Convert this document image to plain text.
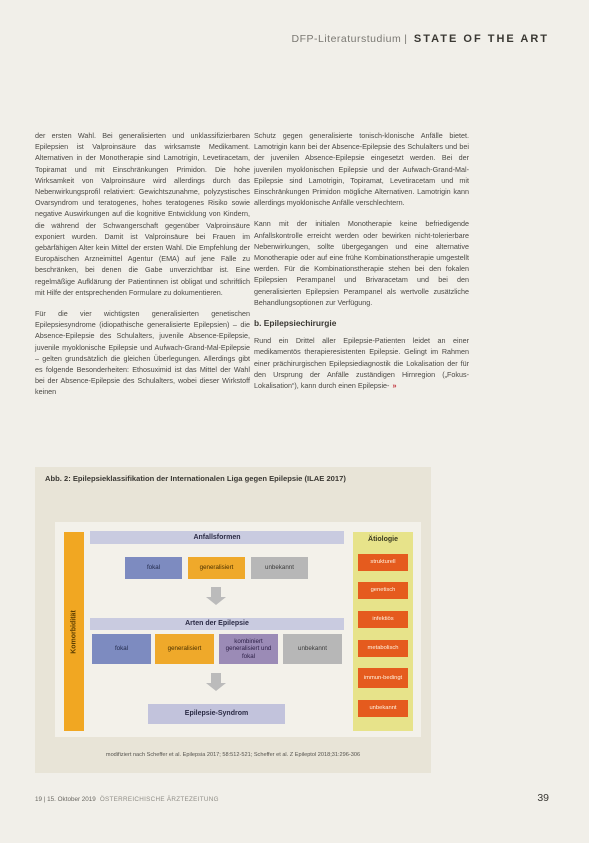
DFP-Literaturstudium | STATE OF THE ART

der ersten Wahl. Bei generalisierten und unklassifizierbaren Epilepsien ist Valproinsäure das wirksamste Medikament. Alternativen in der Monotherapie sind Lamotrigin, Levetiracetam, Topiramat und mit Einschränkungen Primidon. Die hohe Wirksamkeit von Valproinsäure wird allerdings durch das Nebenwirkungsprofil relativiert: Gewichtszunahme, polyzystisches Ovarsyndrom und teratogenes, hohes teratogenes Risiko sowie negative Auswirkungen auf die kognitive Entwicklung von Kindern, die während der Schwangerschaft gegenüber Valproinsäure exponiert wurden. Damit ist Valproinsäure bei Frauen im gebärfähigen Alter kein Mittel der ersten Wahl. Die Empfehlung der Europäischen Arzneimittel Agentur (EMA) auf jene Fälle zu beschränken, bei denen die Gabe unverzichtbar ist. Eine regelmäßige Aufklärung der Patientinnen ist obligat und schriftlich mit Hilfe der entsprechenden Formulare zu dokumentieren.

Für die vier wichtigsten generalisierten genetischen Epilepsiesyndrome (idiopathische generalisierte Epilepsien) – die Absence-Epilepsie des Schulalters, juvenile Absence-Epilepsie, juvenile myoklonische Epilepsie und Aufwach-Grand-Mal-Epilepsie – gelten grundsätzlich die gleichen Überlegungen. Allerdings gibt es folgende Besonderheiten: Ethosuximid ist das Mittel der Wahl bei der Absence-Epilepsie des Schulalters, wobei dieser Wirkstoff keinen

Schutz gegen generalisierte tonisch-klonische Anfälle bietet. Lamotrigin kann bei der Absence-Epilepsie des Schulalters und bei der juvenilen Absence-Epilepsie eingesetzt werden. Bei der juvenilen myoklonischen Epilepsie und der Aufwach-Grand-Mal-Epilepsie sind Lamotrigin, Topiramat, Levetiracetam und mit Einschränkungen Primidon mögliche Alternativen. Lamotrigin kann allerdings myoklonische Anfälle verschlechtern.

Kann mit der initialen Monotherapie keine befriedigende Anfallskontrolle erreicht werden oder bewirken nicht-tolerierbare Nebenwirkungen, sollte übergegangen und eine alternative Monotherapie oder auf eine frühe Kombinationstherapie umgestellt werden. Für die Kombinationstherapie stehen bei den fokalen Epilepsien Perampanel und Brivaracetam und bei den generalisierten Epilepsien Perampanel als wertvolle zusätzliche Behandlungsoptionen zur Verfügung.

b. Epilepsiechirurgie

Rund ein Drittel aller Epilepsie-Patienten leidet an einer medikamentös therapieresistenten Epilepsie. Gelingt im Rahmen einer prächirurgischen Epilepsiediagnostik die Lokalisation der für den Ursprung der Anfälle zuständigen Hirnregion („Fokus-Lokalisation“), kann durch einen Epilepsie- »

Abb. 2: Epilepsieklassifikation der Internationalen Liga gegen Epilepsie (ILAE 2017)
Komorbidität
Anfallsformen
fokal	generalisiert	unbekannt
Arten der Epilepsie
fokal	generalisiert
kombiniert generalisiert und fokal
unbekannt
Epilepsie-Syndrom
Ätiologie
strukturell
genetisch
infektiös
metabolisch
immun-bedingt
unbekannt
modifiziert nach Scheffer et al. Epilepsia 2017; 58:512-521; Scheffer et al. Z Epileptol 2018;31:296-306
19 | 15. Oktober 2019 ÖSTERREICHISCHE ÄRZTEZEITUNG	39
